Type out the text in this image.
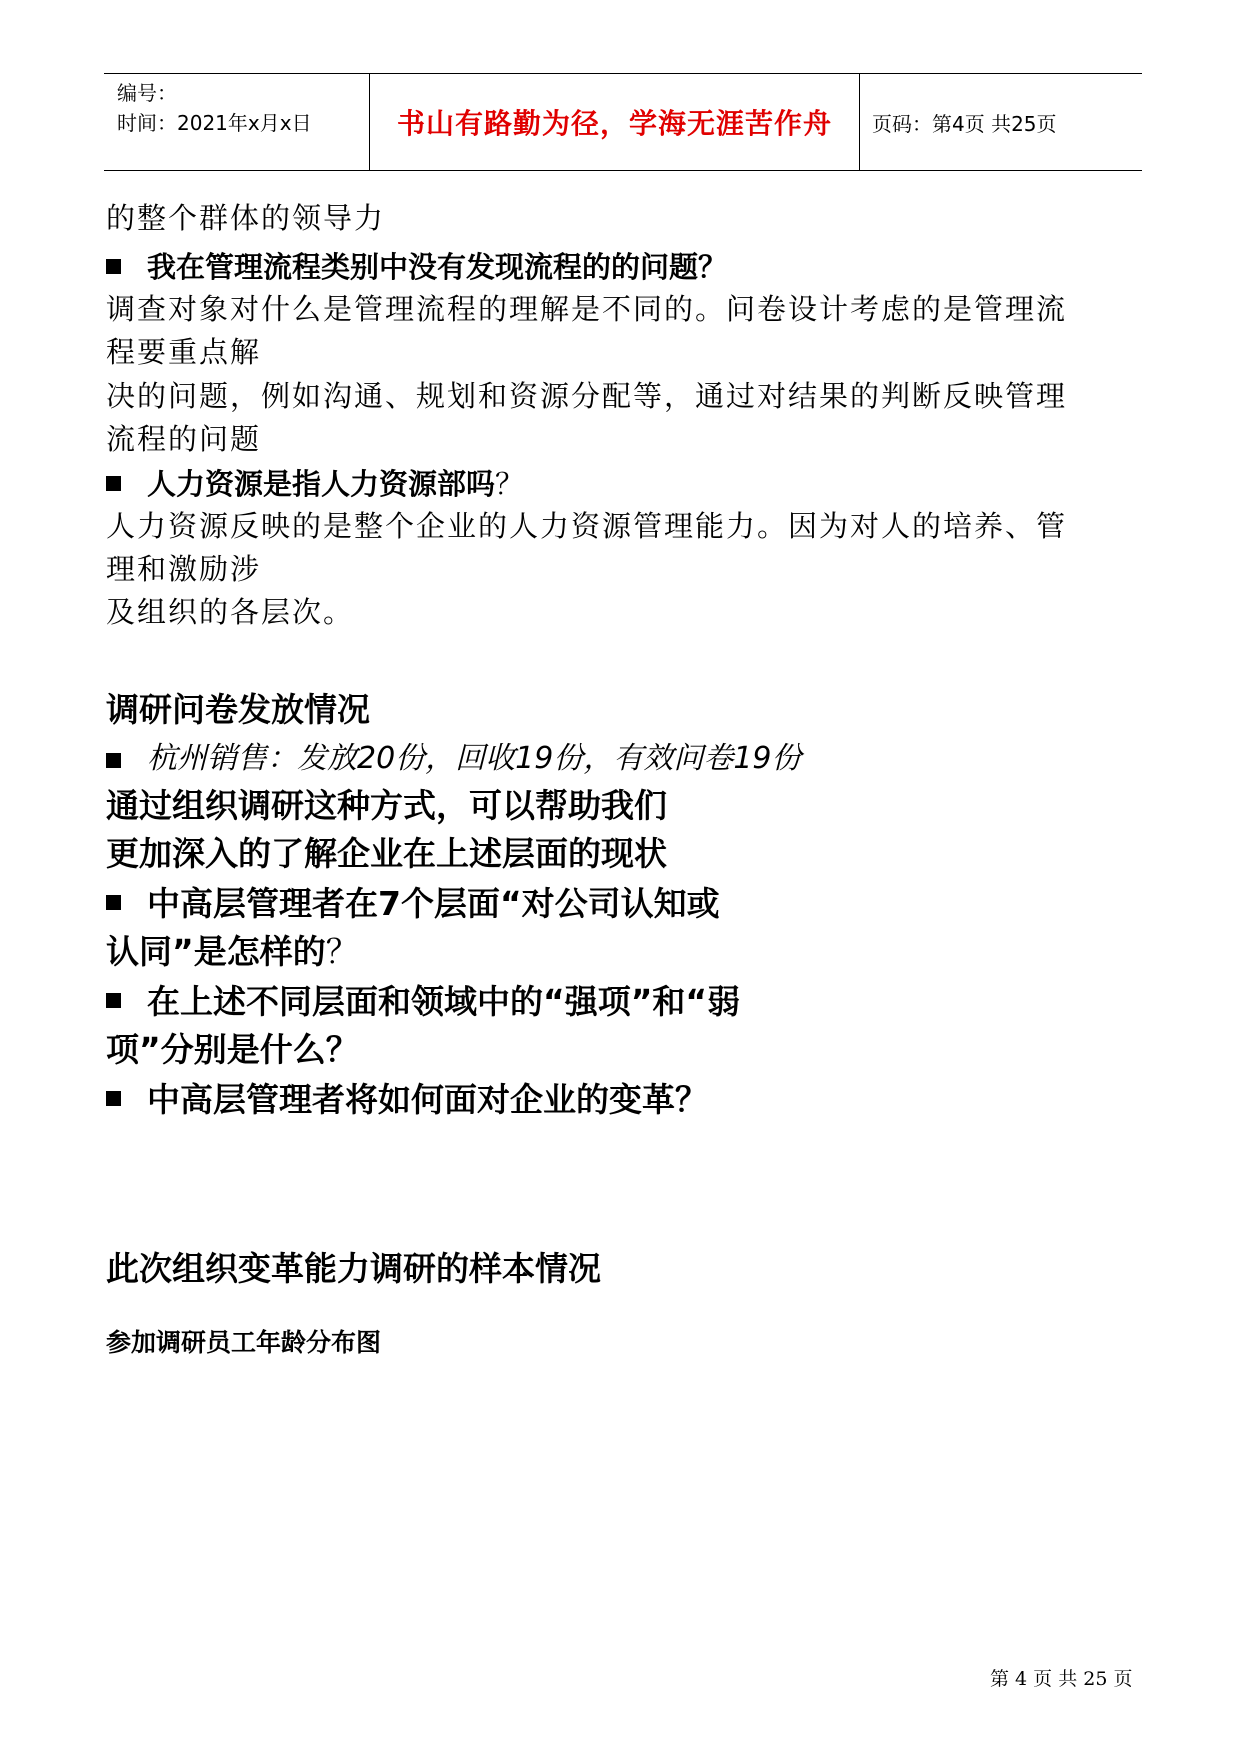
编号：
时间：2021年x月x日	书山有路勤为径，学海无涯苦作舟 页码：第4页 共25页
的整个群体的领导力
我在管理流程类别中没有发现流程的的问题？
调查对象对什么是管理流程的理解是不同的。问卷设计考虑的是管理流
程要重点解
决的问题，例如沟通、规划和资源分配等，通过对结果的判断反映管理
流程的问题
人力资源是指人力资源部吗？
人力资源反映的是整个企业的人力资源管理能力。因为对人的培养、管
理和激励涉
及组织的各层次。
调研问卷发放情况
杭州销售：发放20份，回收19份，有效问卷19份
通过组织调研这种方式，可以帮助我们
更加深入的了解企业在上述层面的现状
中高层管理者在7个层面“对公司认知或
认同”是怎样的？
在上述不同层面和领域中的“强项”和“弱
项”分别是什么？
中高层管理者将如何面对企业的变革？
此次组织变革能力调研的样本情况
参加调研员工年龄分布图
第 4 页 共 25 页
